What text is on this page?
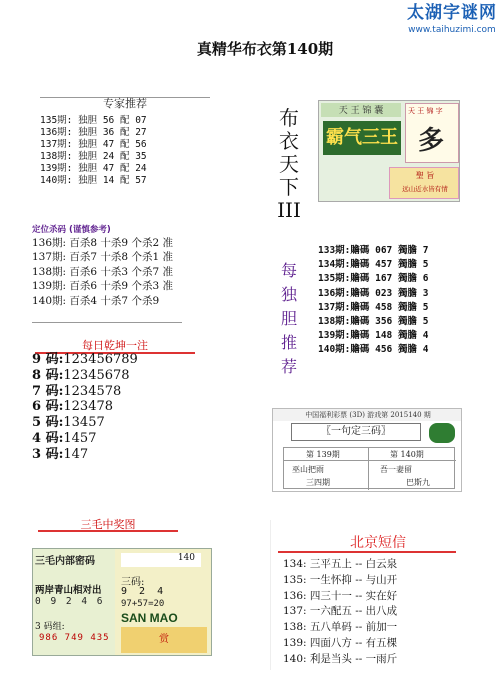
太湖字谜网
www.taihuzimi.com
真精华布衣第140期
专家推荐
135期: 独胆 56 配 07
136期: 独胆 36 配 27
137期: 独胆 47 配 56
138期: 独胆 24 配 35
139期: 独胆 47 配 24
140期: 独胆 14 配 57
定位杀码 (谨慎参考)
136期: 百杀8 十杀9 个杀2 准
137期: 百杀7 十杀8 个杀1 准
138期: 百杀6 十杀3 个杀7 准
139期: 百杀6 十杀9 个杀3 准
140期: 百杀4 十杀7 个杀9
每日乾坤一注
9 码:123456789
8 码:12345678
7 码:1234578
6 码:123478
5 码:13457
4 码:1457
3 码:147
三毛中奖图
三毛内部密码
两岸青山相对出
0 9 2 4 6
3 码组:
986 749 435
140
三码:
9 2 4
97+57=20
SAN MAO
赏
天 王 锦 囊
霸气三王
天 王 锦 字
多
聖 旨
远山近水皆有情
布
衣
天
下
III
每
独
胆
推
荐
133期:贍碼 067 獨膽 7
134期:贍碼 457 獨膽 5
135期:贍碼 167 獨膽 6
136期:贍碼 023 獨膽 3
137期:贍碼 458 獨膽 5
138期:贍碼 356 獨膽 5
139期:贍碼 148 獨膽 4
140期:贍碼 456 獨膽 4
中国福利彩票 (3D) 游戏第 2015140 期
〖一句定三码〗
第 139期	第 140期
巫山把雨	吾一妻留
三四期	巴斯九
北京短信
134: 三平五上 -- 白云泉
135: 一生怀抑 -- 与山开
136: 四三十一 -- 实在好
137: 一六配五 -- 出八成
138: 五八单码 -- 前加一
139: 四面八方 -- 有五棵
140: 利是当头 -- 一雨斤
